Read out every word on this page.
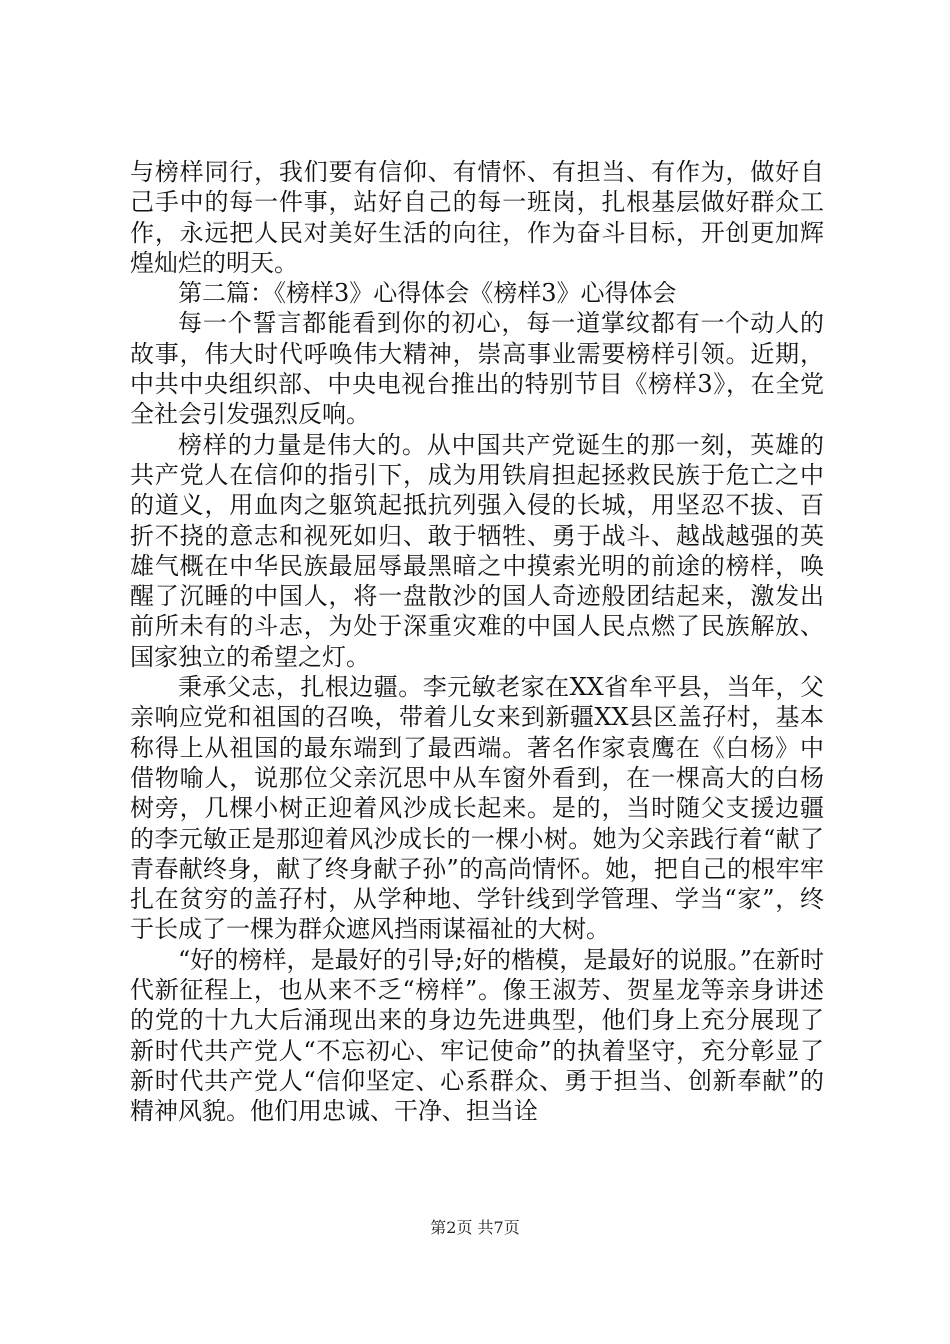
与榜样同行，我们要有信仰、有情怀、有担当、有作为，做好自己手中的每一件事，站好自己的每一班岗，扎根基层做好群众工作，永远把人民对美好生活的向往，作为奋斗目标，开创更加辉煌灿烂的明天。

第二篇：《榜样3》心得体会《榜样3》心得体会

每一个誓言都能看到你的初心，每一道掌纹都有一个动人的故事，伟大时代呼唤伟大精神，崇高事业需要榜样引领。近期，中共中央组织部、中央电视台推出的特别节目《榜样3》，在全党全社会引发强烈反响。

榜样的力量是伟大的。从中国共产党诞生的那一刻，英雄的共产党人在信仰的指引下，成为用铁肩担起拯救民族于危亡之中的道义，用血肉之躯筑起抵抗列强入侵的长城，用坚忍不拔、百折不挠的意志和视死如归、敢于牺牲、勇于战斗、越战越强的英雄气概在中华民族最屈辱最黑暗之中摸索光明的前途的榜样，唤醒了沉睡的中国人，将一盘散沙的国人奇迹般团结起来，激发出前所未有的斗志，为处于深重灾难的中国人民点燃了民族解放、国家独立的希望之灯。

秉承父志，扎根边疆。李元敏老家在XX省牟平县，当年，父亲响应党和祖国的召唤，带着儿女来到新疆XX县区盖孖村，基本称得上从祖国的最东端到了最西端。著名作家袁鹰在《白杨》中借物喻人，说那位父亲沉思中从车窗外看到，在一棵高大的白杨树旁，几棵小树正迎着风沙成长起来。是的，当时随父支援边疆的李元敏正是那迎着风沙成长的一棵小树。她为父亲践行着“献了青春献终身，献了终身献子孙”的高尚情怀。她，把自己的根牢牢扎在贫穷的盖孖村，从学种地、学针线到学管理、学当“家”，终于长成了一棵为群众遮风挡雨谋福祉的大树。

“好的榜样，是最好的引导;好的楷模，是最好的说服。”在新时代新征程上，也从来不乏“榜样”。像王淑芳、贺星龙等亲身讲述的党的十九大后涌现出来的身边先进典型，他们身上充分展现了新时代共产党人“不忘初心、牢记使命”的执着坚守，充分彰显了新时代共产党人“信仰坚定、心系群众、勇于担当、创新奉献”的精神风貌。他们用忠诚、干净、担当诠

第2页 共7页
